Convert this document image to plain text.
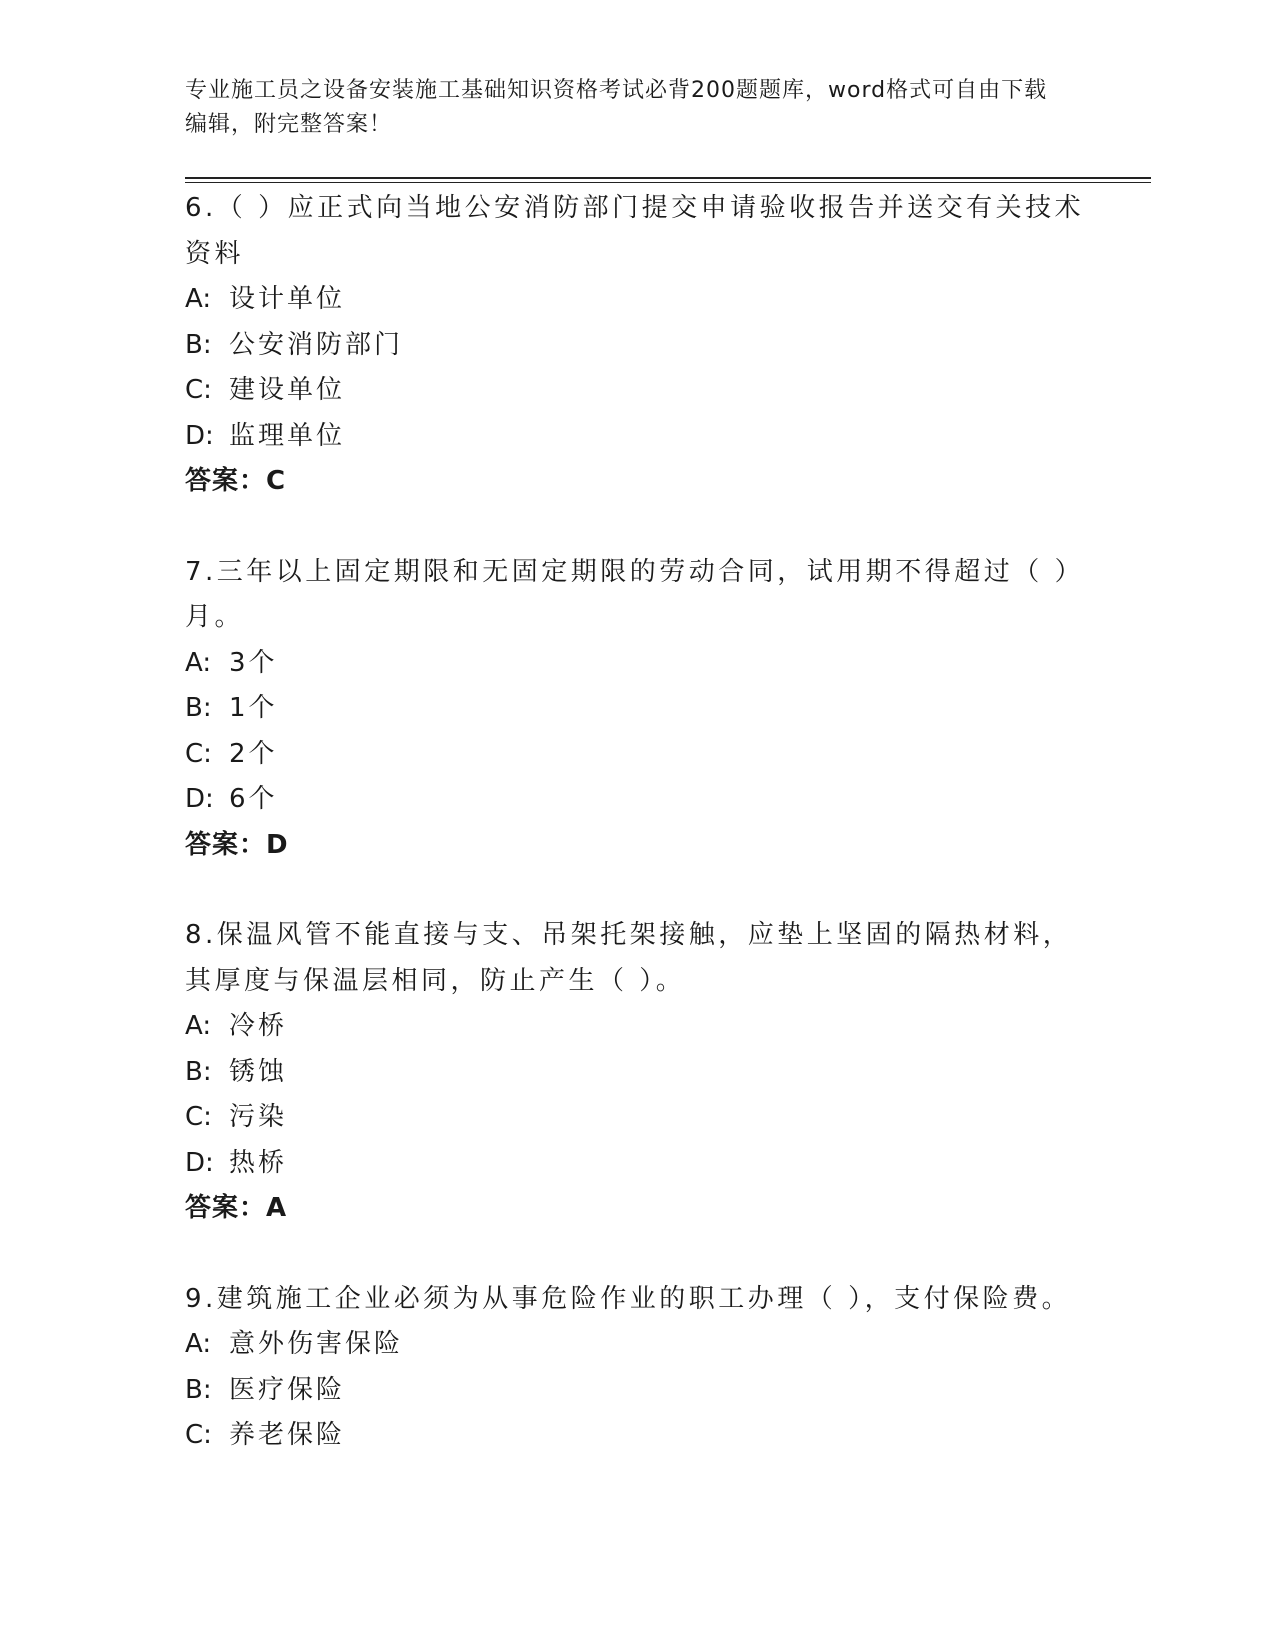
专业施工员之设备安装施工基础知识资格考试必背200题题库，word格式可自由下载编辑，附完整答案！
6.（ ）应正式向当地公安消防部门提交申请验收报告并送交有关技术资料
A: 设计单位
B: 公安消防部门
C: 建设单位
D: 监理单位
答案：C
7.三年以上固定期限和无固定期限的劳动合同，试用期不得超过（ ）月。
A: 3个
B: 1个
C: 2个
D: 6个
答案：D
8.保温风管不能直接与支、吊架托架接触，应垫上坚固的隔热材料，其厚度与保温层相同，防止产生（ ）。
A: 冷桥
B: 锈蚀
C: 污染
D: 热桥
答案：A
9.建筑施工企业必须为从事危险作业的职工办理（ ），支付保险费。
A: 意外伤害保险
B: 医疗保险
C: 养老保险
